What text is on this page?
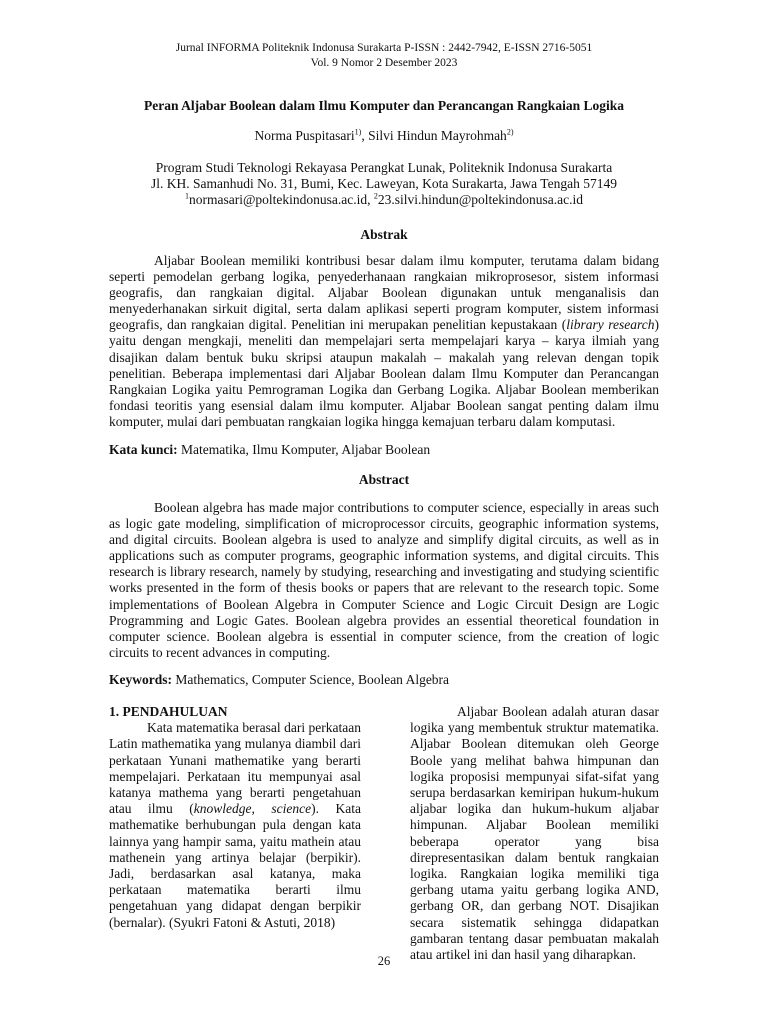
Jurnal INFORMA Politeknik Indonusa Surakarta P-ISSN : 2442-7942, E-ISSN 2716-5051
Vol. 9 Nomor 2 Desember 2023
Peran Aljabar Boolean dalam Ilmu Komputer dan Perancangan Rangkaian Logika
Norma Puspitasari$^{1)}$, Silvi Hindun Mayrohmah$^{2)}$
Program Studi Teknologi Rekayasa Perangkat Lunak, Politeknik Indonusa Surakarta
Jl. KH. Samanhudi No. 31, Bumi, Kec. Laweyan, Kota Surakarta, Jawa Tengah 57149
$^1$normasari@poltekindonusa.ac.id, $^2$23.silvi.hindun@poltekindonusa.ac.id
Abstrak
Aljabar Boolean memiliki kontribusi besar dalam ilmu komputer, terutama dalam bidang seperti pemodelan gerbang logika, penyederhanaan rangkaian mikroprosesor, sistem informasi geografis, dan rangkaian digital. Aljabar Boolean digunakan untuk menganalisis dan menyederhanakan sirkuit digital, serta dalam aplikasi seperti program komputer, sistem informasi geografis, dan rangkaian digital. Penelitian ini merupakan penelitian kepustakaan (library research) yaitu dengan mengkaji, meneliti dan mempelajari serta mempelajari karya – karya ilmiah yang disajikan dalam bentuk buku skripsi ataupun makalah – makalah yang relevan dengan topik penelitian. Beberapa implementasi dari Aljabar Boolean dalam Ilmu Komputer dan Perancangan Rangkaian Logika yaitu Pemrograman Logika dan Gerbang Logika. Aljabar Boolean memberikan fondasi teoritis yang esensial dalam ilmu komputer. Aljabar Boolean sangat penting dalam ilmu komputer, mulai dari pembuatan rangkaian logika hingga kemajuan terbaru dalam komputasi.
Kata kunci: Matematika, Ilmu Komputer, Aljabar Boolean
Abstract
Boolean algebra has made major contributions to computer science, especially in areas such as logic gate modeling, simplification of microprocessor circuits, geographic information systems, and digital circuits. Boolean algebra is used to analyze and simplify digital circuits, as well as in applications such as computer programs, geographic information systems, and digital circuits. This research is library research, namely by studying, researching and investigating and studying scientific works presented in the form of thesis books or papers that are relevant to the research topic. Some implementations of Boolean Algebra in Computer Science and Logic Circuit Design are Logic Programming and Logic Gates. Boolean algebra provides an essential theoretical foundation in computer science. Boolean algebra is essential in computer science, from the creation of logic circuits to recent advances in computing.
Keywords: Mathematics, Computer Science, Boolean Algebra
1. PENDAHULUAN
Kata matematika berasal dari perkataan Latin mathematika yang mulanya diambil dari perkataan Yunani mathematike yang berarti mempelajari. Perkataan itu mempunyai asal katanya mathema yang berarti pengetahuan atau ilmu (knowledge, science). Kata mathematike berhubungan pula dengan kata lainnya yang hampir sama, yaitu mathein atau mathenein yang artinya belajar (berpikir). Jadi, berdasarkan asal katanya, maka perkataan matematika berarti ilmu pengetahuan yang didapat dengan berpikir (bernalar). (Syukri Fatoni & Astuti, 2018)
Aljabar Boolean adalah aturan dasar logika yang membentuk struktur matematika. Aljabar Boolean ditemukan oleh George Boole yang melihat bahwa himpunan dan logika proposisi mempunyai sifat-sifat yang serupa berdasarkan kemiripan hukum-hukum aljabar logika dan hukum-hukum aljabar himpunan. Aljabar Boolean memiliki beberapa operator yang bisa direpresentasikan dalam bentuk rangkaian logika. Rangkaian logika memiliki tiga gerbang utama yaitu gerbang logika AND, gerbang OR, dan gerbang NOT. Disajikan secara sistematik sehingga didapatkan gambaran tentang dasar pembuatan makalah atau artikel ini dan hasil yang diharapkan.
26
